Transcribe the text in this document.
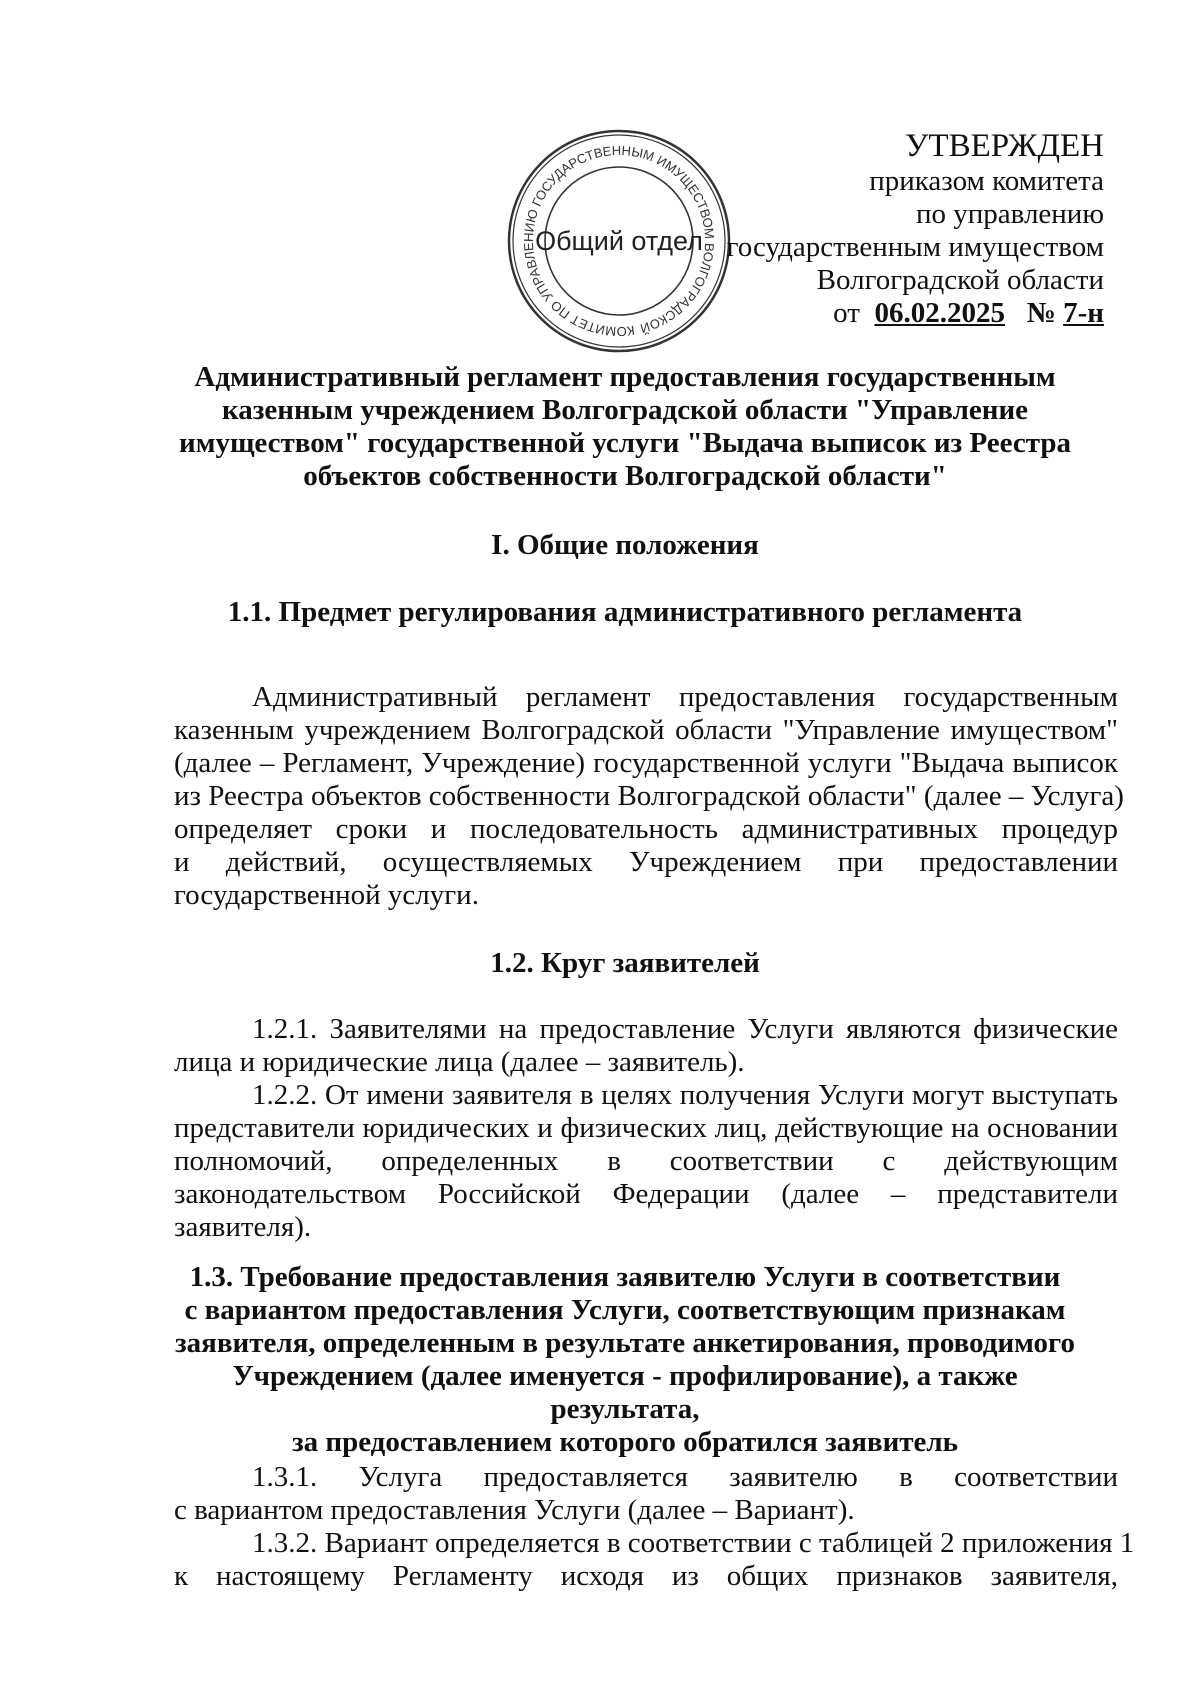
КОМИТЕТ ПО УПРАВЛЕНИЮ ГОСУДАРСТВЕННЫМ ИМУЩЕСТВОМ ВОЛГОГРАДСКОЙ
Общий отдел
УТВЕРЖДЕН
приказом комитета
по управлению
государственным имуществом
Волгоградской области
от 06.02.2025 № 7-н
Административный регламент предоставления государственным
казенным учреждением Волгоградской области "Управление
имуществом" государственной услуги "Выдача выписок из Реестра
объектов собственности Волгоградской области"
I. Общие положения
1.1. Предмет регулирования административного регламента
Административный регламент предоставления государственным
казенным учреждением Волгоградской области "Управление имуществом"
(далее – Регламент, Учреждение) государственной услуги "Выдача выписок
из Реестра объектов собственности Волгоградской области" (далее – Услуга)
определяет сроки и последовательность административных процедур
и действий, осуществляемых Учреждением при предоставлении
государственной услуги.
1.2. Круг заявителей
1.2.1. Заявителями на предоставление Услуги являются физические
лица и юридические лица (далее – заявитель).
1.2.2. От имени заявителя в целях получения Услуги могут выступать
представители юридических и физических лиц, действующие на основании
полномочий, определенных в соответствии с действующим
законодательством Российской Федерации (далее – представители
заявителя).
1.3. Требование предоставления заявителю Услуги в соответствии
с вариантом предоставления Услуги, соответствующим признакам
заявителя, определенным в результате анкетирования, проводимого
Учреждением (далее именуется - профилирование), а также результата,
за предоставлением которого обратился заявитель
1.3.1. Услуга предоставляется заявителю в соответствии
с вариантом предоставления Услуги (далее – Вариант).
1.3.2. Вариант определяется в соответствии с таблицей 2 приложения 1
к настоящему Регламенту исходя из общих признаков заявителя,
